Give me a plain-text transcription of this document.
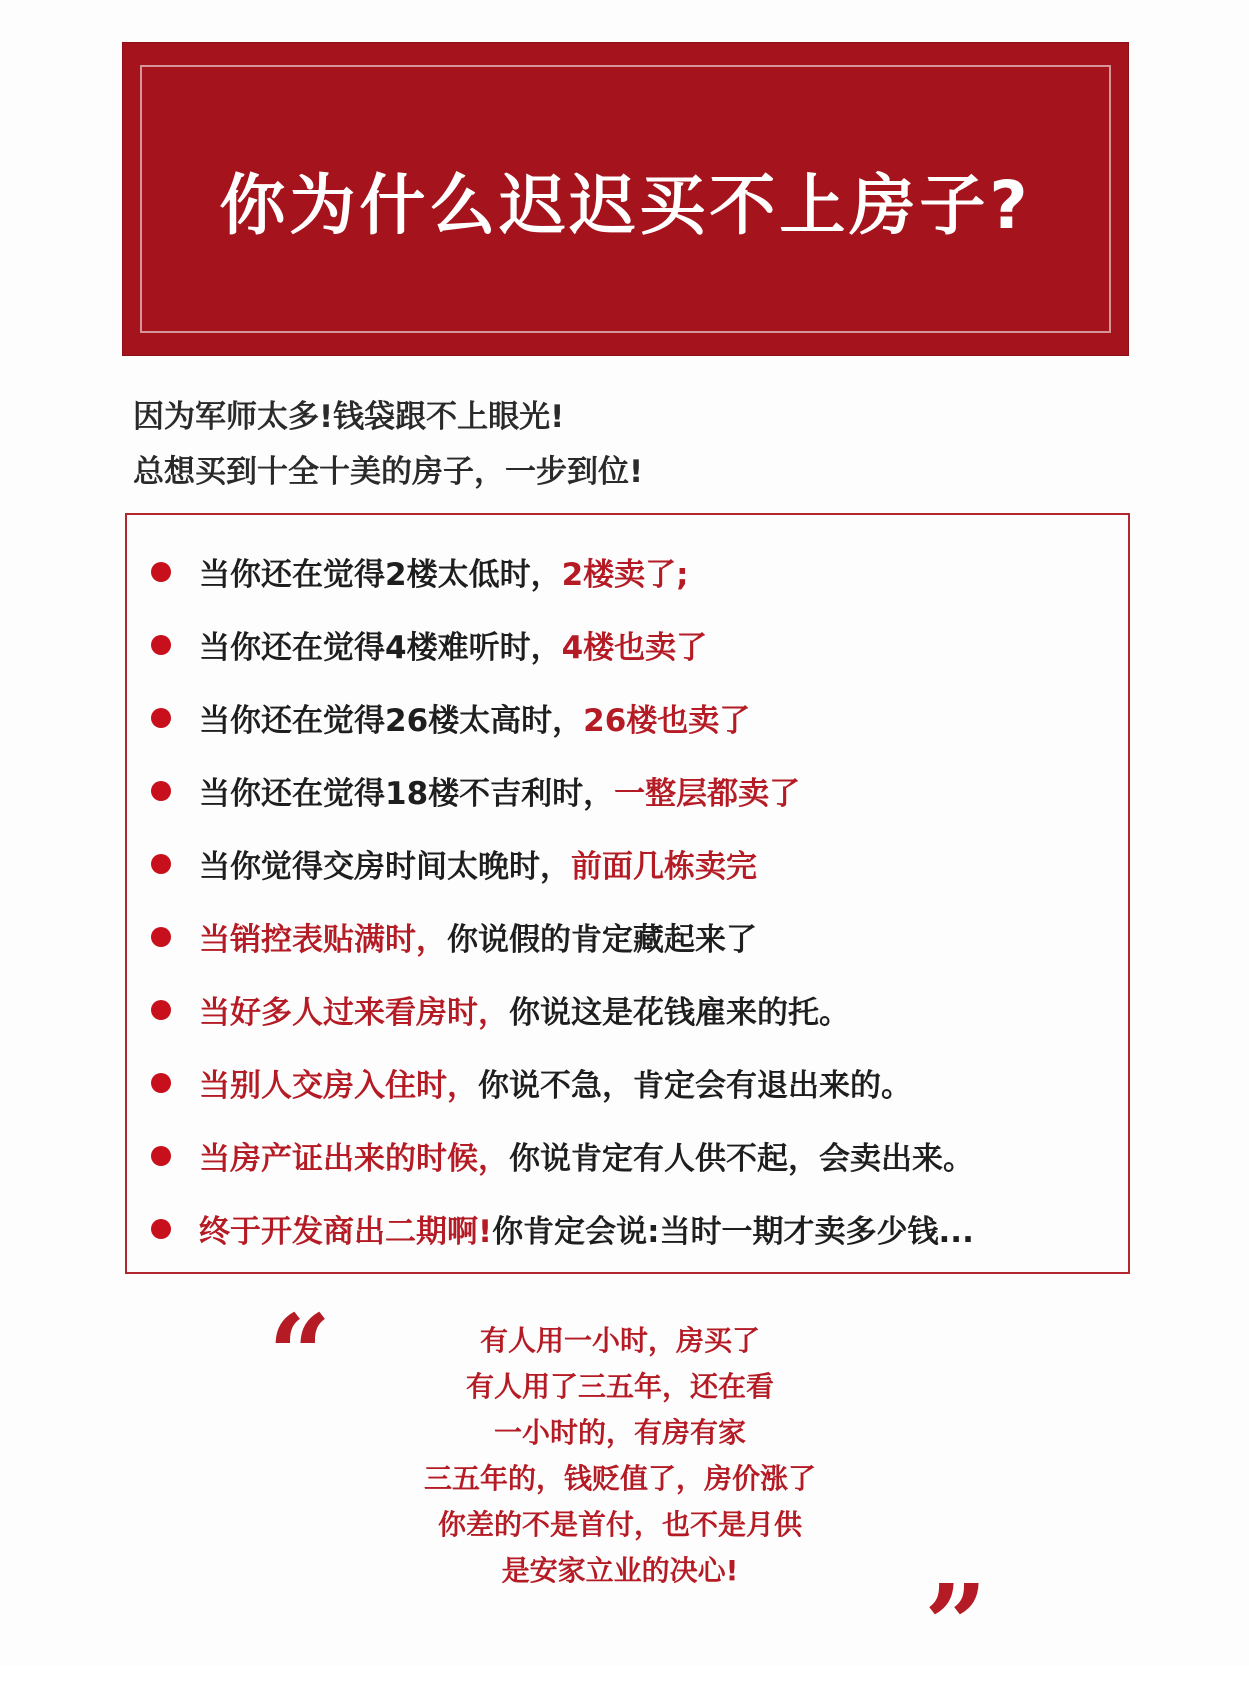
你为什么迟迟买不上房子?
因为军师太多!钱袋跟不上眼光!
总想买到十全十美的房子，一步到位!
当你还在觉得2楼太低时， 2楼卖了;
当你还在觉得4楼难听时， 4楼也卖了
当你还在觉得26楼太高时， 26楼也卖了
当你还在觉得18楼不吉利时， 一整层都卖了
当你觉得交房时间太晚时， 前面几栋卖完
当销控表贴满时， 你说假的肯定藏起来了
当好多人过来看房时， 你说这是花钱雇来的托。
当别人交房入住时， 你说不急，肯定会有退出来的。
当房产证出来的时候， 你说肯定有人供不起，会卖出来。
终于开发商出二期啊! 你肯定会说:当时一期才卖多少钱...
“	有人用一小时，房买了
有人用了三五年，还在看
一小时的，有房有家
三五年的，钱贬值了，房价涨了
你差的不是首付，也不是月供
是安家立业的决心!	”
